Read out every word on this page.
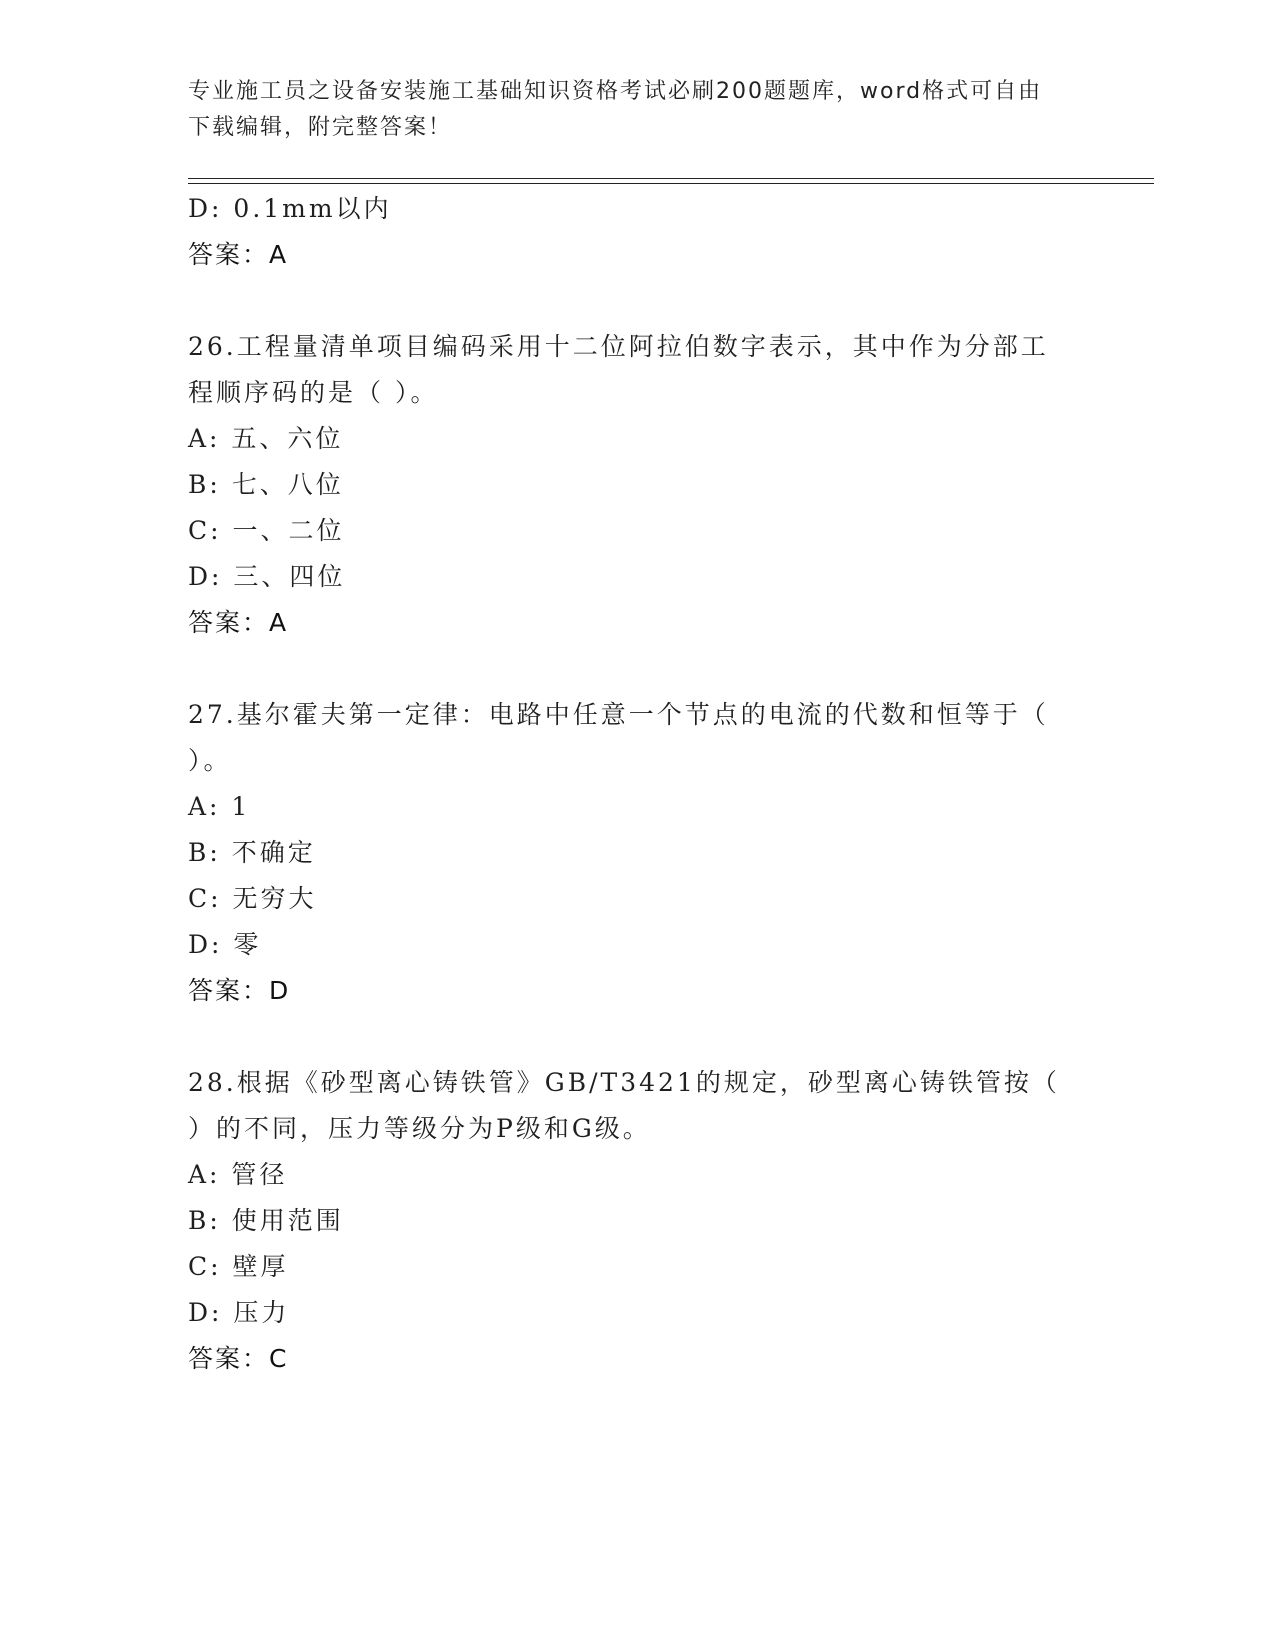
专业施工员之设备安装施工基础知识资格考试必刷200题题库，word格式可自由
下载编辑，附完整答案！
D: 0.1mm以内
答案：A
26.工程量清单项目编码采用十二位阿拉伯数字表示，其中作为分部工
程顺序码的是（ ）。
A: 五、六位
B: 七、八位
C: 一、二位
D: 三、四位
答案：A
27.基尔霍夫第一定律：电路中任意一个节点的电流的代数和恒等于（
）。
A: 1
B: 不确定
C: 无穷大
D: 零
答案：D
28.根据《砂型离心铸铁管》GB/T3421的规定，砂型离心铸铁管按（
）的不同，压力等级分为P级和G级。
A: 管径
B: 使用范围
C: 壁厚
D: 压力
答案：C
